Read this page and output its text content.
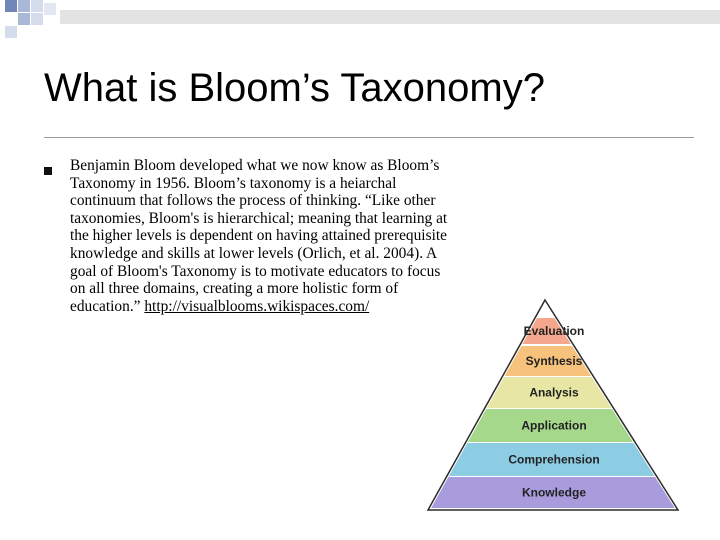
What is Bloom’s Taxonomy?
Benjamin Bloom developed what we now know as Bloom’s
Taxonomy in 1956. Bloom’s taxonomy is a heiarchal
continuum that follows the process of thinking. “Like other
taxonomies, Bloom's is hierarchical; meaning that learning at
the higher levels is dependent on having attained prerequisite
knowledge and skills at lower levels (Orlich, et al. 2004). A
goal of Bloom's Taxonomy is to motivate educators to focus
on all three domains, creating a more holistic form of
education.” http://visualblooms.wikispaces.com/
Evaluation
Synthesis
Analysis
Application
Comprehension
Knowledge
